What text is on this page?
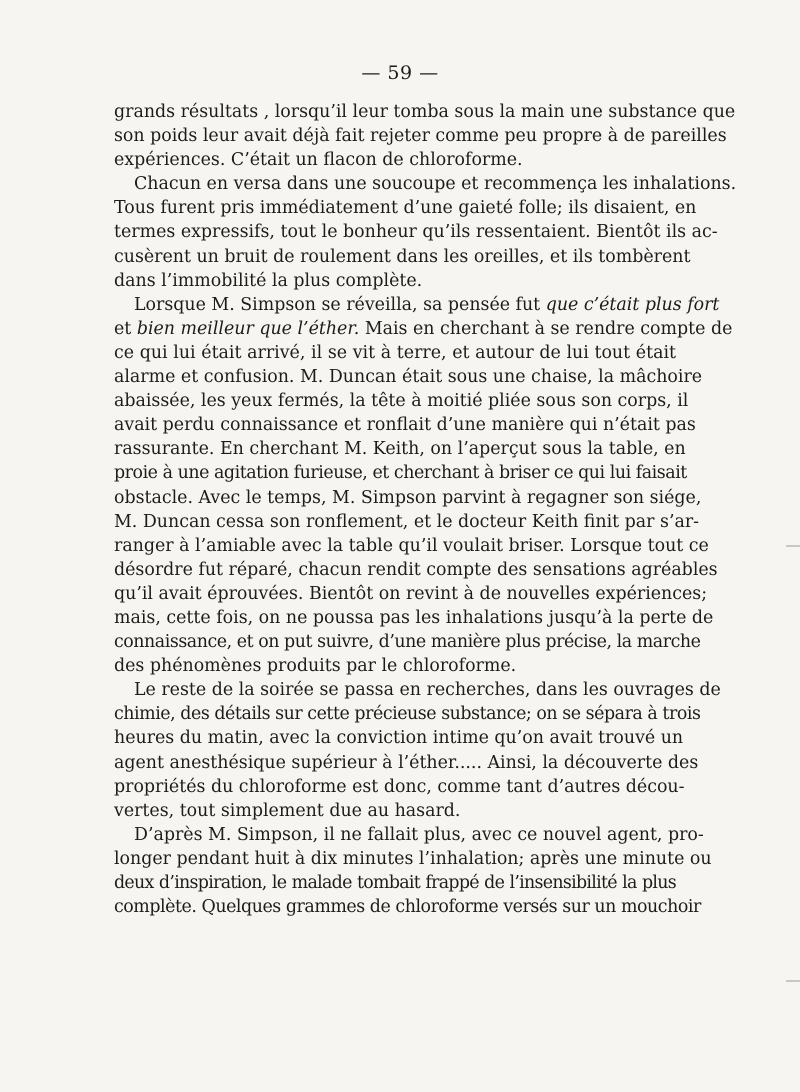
— 59 —
grands résultats , lorsqu’il leur tomba sous la main une substance que
son poids leur avait déjà fait rejeter comme peu propre à de pareilles
expériences. C’était un flacon de chloroforme.
Chacun en versa dans une soucoupe et recommença les inhalations.
Tous furent pris immédiatement d’une gaieté folle; ils disaient, en
termes expressifs, tout le bonheur qu’ils ressentaient. Bientôt ils ac-
cusèrent un bruit de roulement dans les oreilles, et ils tombèrent
dans l’immobilité la plus complète.
Lorsque M. Simpson se réveilla, sa pensée fut que c’était plus fort
et bien meilleur que l’éther. Mais en cherchant à se rendre compte de
ce qui lui était arrivé, il se vit à terre, et autour de lui tout était
alarme et confusion. M. Duncan était sous une chaise, la mâchoire
abaissée, les yeux fermés, la tête à moitié pliée sous son corps, il
avait perdu connaissance et ronflait d’une manière qui n’était pas
rassurante. En cherchant M. Keith, on l’aperçut sous la table, en
proie à une agitation furieuse, et cherchant à briser ce qui lui faisait
obstacle. Avec le temps, M. Simpson parvint à regagner son siége,
M. Duncan cessa son ronflement, et le docteur Keith finit par s’ar-
ranger à l’amiable avec la table qu’il voulait briser. Lorsque tout ce
désordre fut réparé, chacun rendit compte des sensations agréables
qu’il avait éprouvées. Bientôt on revint à de nouvelles expériences;
mais, cette fois, on ne poussa pas les inhalations jusqu’à la perte de
connaissance, et on put suivre, d’une manière plus précise, la marche
des phénomènes produits par le chloroforme.
Le reste de la soirée se passa en recherches, dans les ouvrages de
chimie, des détails sur cette précieuse substance; on se sépara à trois
heures du matin, avec la conviction intime qu’on avait trouvé un
agent anesthésique supérieur à l’éther..... Ainsi, la découverte des
propriétés du chloroforme est donc, comme tant d’autres décou-
vertes, tout simplement due au hasard.
D’après M. Simpson, il ne fallait plus, avec ce nouvel agent, pro-
longer pendant huit à dix minutes l’inhalation; après une minute ou
deux d’inspiration, le malade tombait frappé de l’insensibilité la plus
complète. Quelques grammes de chloroforme versés sur un mouchoir
